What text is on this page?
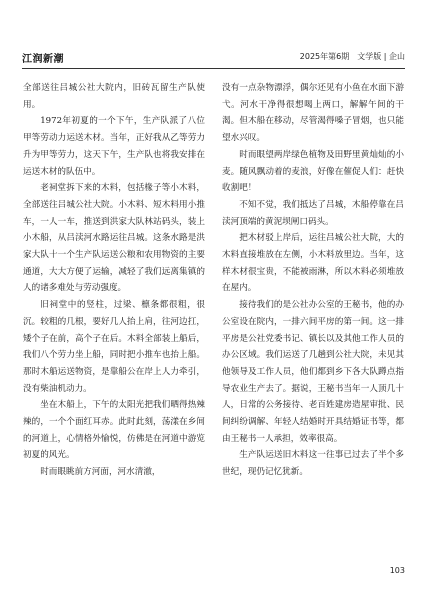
江润新潮	2025年第6期　文学版 | 企山

全部送往吕城公社大院内，旧砖瓦留生产队使用。

1972年初夏的一个下午，生产队派了八位甲等劳动力运送木材。当年，正好我从乙等劳力升为甲等劳力，这天下午，生产队也将我安排在运送木材的队伍中。

老祠堂拆下来的木料，包括椽子等小木料，全部送往吕城公社大院。小木料、短木料用小推车，一人一车，推送到洪家大队林站码头，装上小木船，从吕渎河水路运往吕城。这条水路是洪家大队十一个生产队运送公粮和农用物资的主要通道，大大方便了运输，减轻了我们远离集镇的人的诸多难处与劳动强度。

旧祠堂中的竖柱，过梁、檩条都很粗，很沉。较粗的几根，要好几人抬上肩，往河边扛，矮个子在前，高个子在后。木料全部装上船后，我们八个劳力坐上船，同时把小推车也抬上船。那时木船运送物资，是靠船公在岸上人力牵引，没有柴油机动力。

坐在木船上，下午的太阳光把我们晒得热辣辣的，一个个面红耳赤。此时此刻，荡漾在乡间的河道上，心情格外愉悦，仿佛是在河道中游览初夏的风光。

时而眼眺前方河面，河水清澈，

没有一点杂物漂浮，偶尔还见有小鱼在水面下游弋。河水干净得很想喝上两口，解解午间的干渴。但木船在移动，尽管渴得嗓子冒烟，也只能望水兴叹。

时而眼望两岸绿色植物及田野里黄灿灿的小麦。随风飘动着的麦浪，好像在催促人们：赶快收割吧！

不知不觉，我们抵达了吕城，木船停靠在吕渎河顶端的黄泥坝闸口码头。

把木材驳上岸后，运往吕城公社大院，大的木料直接堆放在左侧，小木料放里边。当年，这样木材很宝贵，不能被雨淋，所以木料必须堆放在屋内。

接待我们的是公社办公室的王秘书，他的办公室设在院内，一排六间平房的第一间。这一排平房是公社党委书记、镇长以及其他工作人员的办公区域。我们运送了几趟到公社大院，未见其他领导及工作人员，他们都到乡下各大队蹲点指导农业生产去了。据说，王秘书当年一人顶几十人，日常的公务接待、老百姓建房造屋审批、民间纠纷调解、年轻人结婚时开具结婚证书等，都由王秘书一人承担，效率很高。

生产队运送旧木料这一往事已过去了半个多世纪，现仍记忆犹新。

103
